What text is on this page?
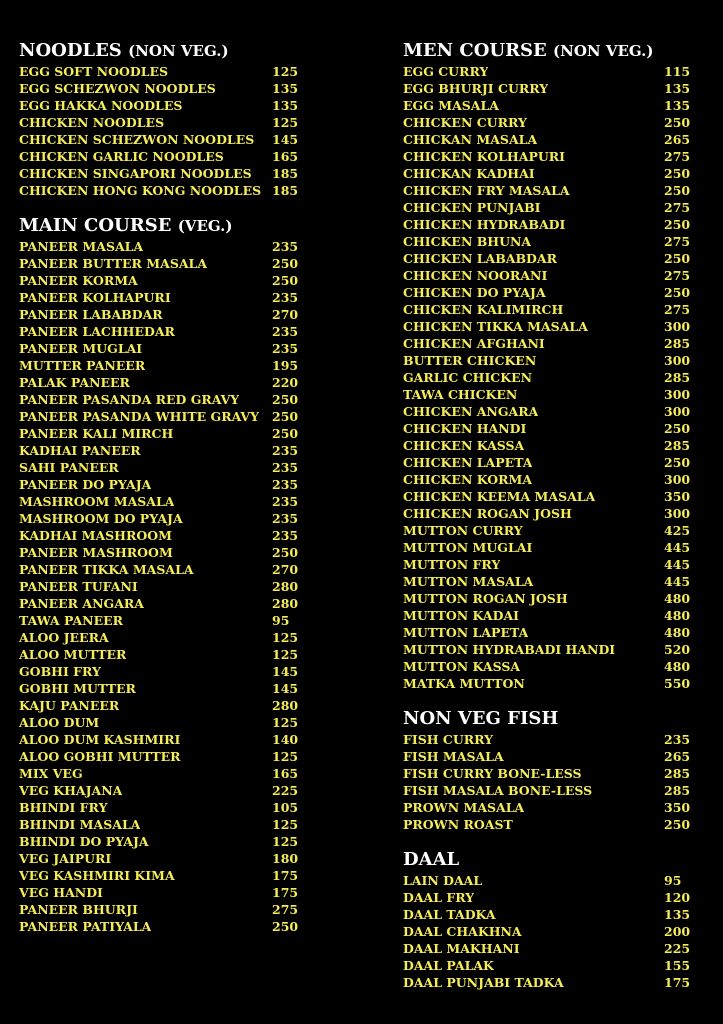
NOODLES (NON VEG.)
EGG SOFT NOODLES	125
EGG SCHEZWON NOODLES	135
EGG HAKKA NOODLES	135
CHICKEN NOODLES	125
CHICKEN SCHEZWON NOODLES 145
CHICKEN GARLIC NOODLES	165
CHICKEN SINGAPORI NOODLES 185
CHICKEN HONG KONG NOODLES 185
MAIN COURSE (VEG.)
PANEER MASALA	235
PANEER BUTTER MASALA	250
PANEER KORMA	250
PANEER KOLHAPURI	235
PANEER LABABDAR	270
PANEER LACHHEDAR	235
PANEER MUGLAI	235
MUTTER PANEER	195
PALAK PANEER	220
PANEER PASANDA RED GRAVY	250
PANEER PASANDA WHITE GRAVY 250
PANEER KALI MIRCH	250
KADHAI PANEER	235
SAHI PANEER	235
PANEER DO PYAJA	235
MASHROOM MASALA	235
MASHROOM DO PYAJA	235
KADHAI MASHROOM	235
PANEER MASHROOM	250
PANEER TIKKA MASALA	270
PANEER TUFANI	280
PANEER ANGARA	280
TAWA PANEER	95
ALOO JEERA	125
ALOO MUTTER	125
GOBHI FRY	145
GOBHI MUTTER	145
KAJU PANEER	280
ALOO DUM	125
ALOO DUM KASHMIRI	140
ALOO GOBHI MUTTER	125
MIX VEG	165
VEG KHAJANA	225
BHINDI FRY	105
BHINDI MASALA	125
BHINDI DO PYAJA	125
VEG JAIPURI	180
VEG KASHMIRI KIMA	175
VEG HANDI	175
PANEER BHURJI	275
PANEER PATIYALA	250
MEN COURSE (NON VEG.)
EGG CURRY	115
EGG BHURJI CURRY	135
EGG MASALA	135
CHICKEN CURRY	250
CHICKAN MASALA	265
CHICKEN KOLHAPURI	275
CHICKAN KADHAI	250
CHICKEN FRY MASALA	250
CHICKEN PUNJABI	275
CHICKEN HYDRABADI	250
CHICKEN BHUNA	275
CHICKEN LABABDAR	250
CHICKEN NOORANI	275
CHICKEN DO PYAJA	250
CHICKEN KALIMIRCH	275
CHICKEN TIKKA MASALA	300
CHICKEN AFGHANI	285
BUTTER CHICKEN	300
GARLIC CHICKEN	285
TAWA CHICKEN	300
CHICKEN ANGARA	300
CHICKEN HANDI	250
CHICKEN KASSA	285
CHICKEN LAPETA	250
CHICKEN KORMA	300
CHICKEN KEEMA MASALA	350
CHICKEN ROGAN JOSH	300
MUTTON CURRY	425
MUTTON MUGLAI	445
MUTTON FRY	445
MUTTON MASALA	445
MUTTON ROGAN JOSH	480
MUTTON KADAI	480
MUTTON LAPETA	480
MUTTON HYDRABADI HANDI	520
MUTTON KASSA	480
MATKA MUTTON	550
NON VEG FISH
FISH CURRY	235
FISH MASALA	265
FISH CURRY BONE-LESS	285
FISH MASALA BONE-LESS	285
PROWN MASALA	350
PROWN ROAST	250
DAAL
LAIN DAAL	95
DAAL FRY	120
DAAL TADKA	135
DAAL CHAKHNA	200
DAAL MAKHANI	225
DAAL PALAK	155
DAAL PUNJABI TADKA	175
